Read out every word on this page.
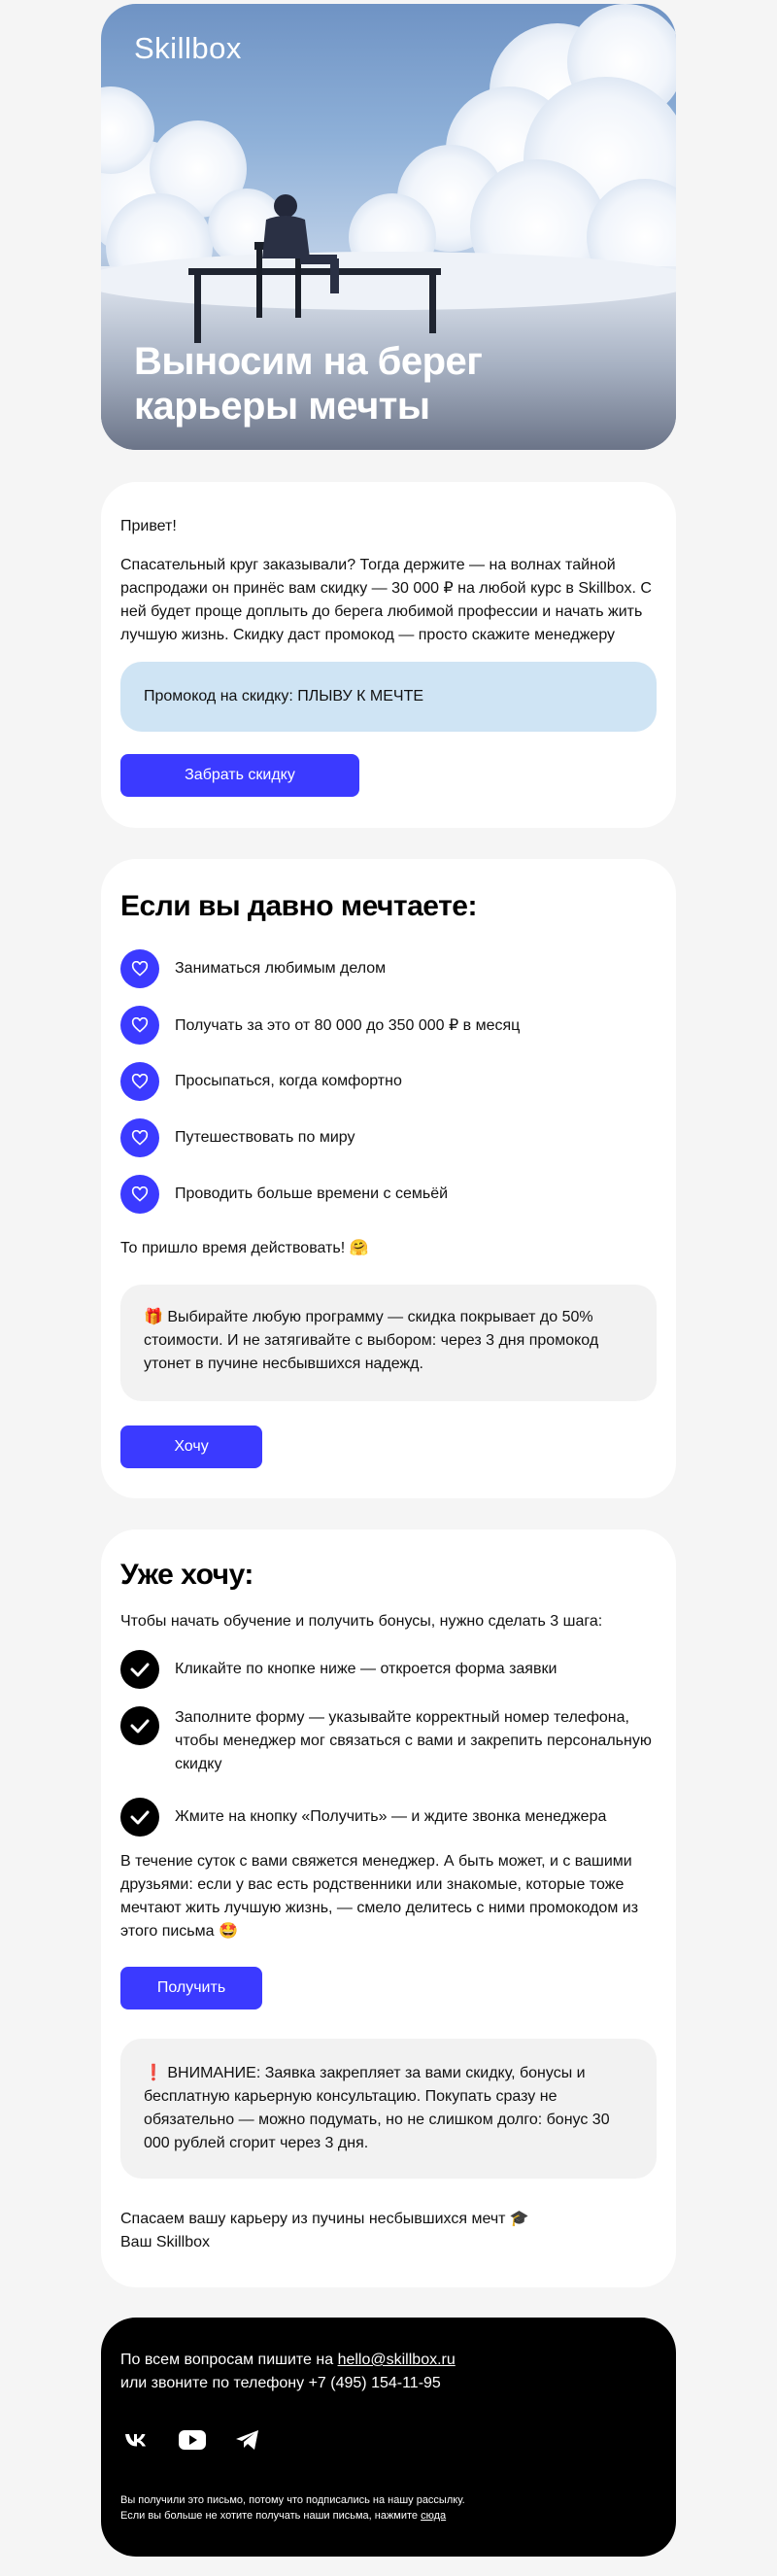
Skillbox
Выносим на берег карьеры мечты

Привет!

Спасательный круг заказывали? Тогда держите — на волнах тайной распродажи он принёс вам скидку — 30 000 ₽ на любой курс в Skillbox. С ней будет проще доплыть до берега любимой профессии и начать жить лучшую жизнь. Скидку даст промокод — просто скажите менеджеру

Промокод на скидку: ПЛЫВУ К МЕЧТЕ
Забрать скидку
Если вы давно мечтаете:
Заниматься любимым делом
Получать за это от 80 000 до 350 000 ₽ в месяц
Просыпаться, когда комфортно
Путешествовать по миру
Проводить больше времени с семьёй
То пришло время действовать! 🤗
🎁 Выбирайте любую программу — скидка покрывает до 50% стоимости. И не затягивайте с выбором: через 3 дня промокод утонет в пучине несбывшихся надежд.
Хочу
Уже хочу:
Чтобы начать обучение и получить бонусы, нужно сделать 3 шага:
Кликайте по кнопке ниже — откроется форма заявки
Заполните форму — указывайте корректный номер телефона, чтобы менеджер мог связаться с вами и закрепить персональную скидку
Жмите на кнопку «Получить» — и ждите звонка менеджера

В течение суток с вами свяжется менеджер. А быть может, и с вашими друзьями: если у вас есть родственники или знакомые, которые тоже мечтают жить лучшую жизнь, — смело делитесь с ними промокодом из этого письма 🤩

Получить
❗ ВНИМАНИЕ: Заявка закрепляет за вами скидку, бонусы и бесплатную карьерную консультацию. Покупать сразу не обязательно — можно подумать, но не слишком долго: бонус 30 000 рублей сгорит через 3 дня.
Спасаем вашу карьеру из пучины несбывшихся мечт 🎓
Ваш Skillbox
По всем вопросам пишите на hello@skillbox.ru
или звоните по телефону +7 (495) 154-11-95
Вы получили это письмо, потому что подписались на нашу рассылку.
Если вы больше не хотите получать наши письма, нажмите сюда
